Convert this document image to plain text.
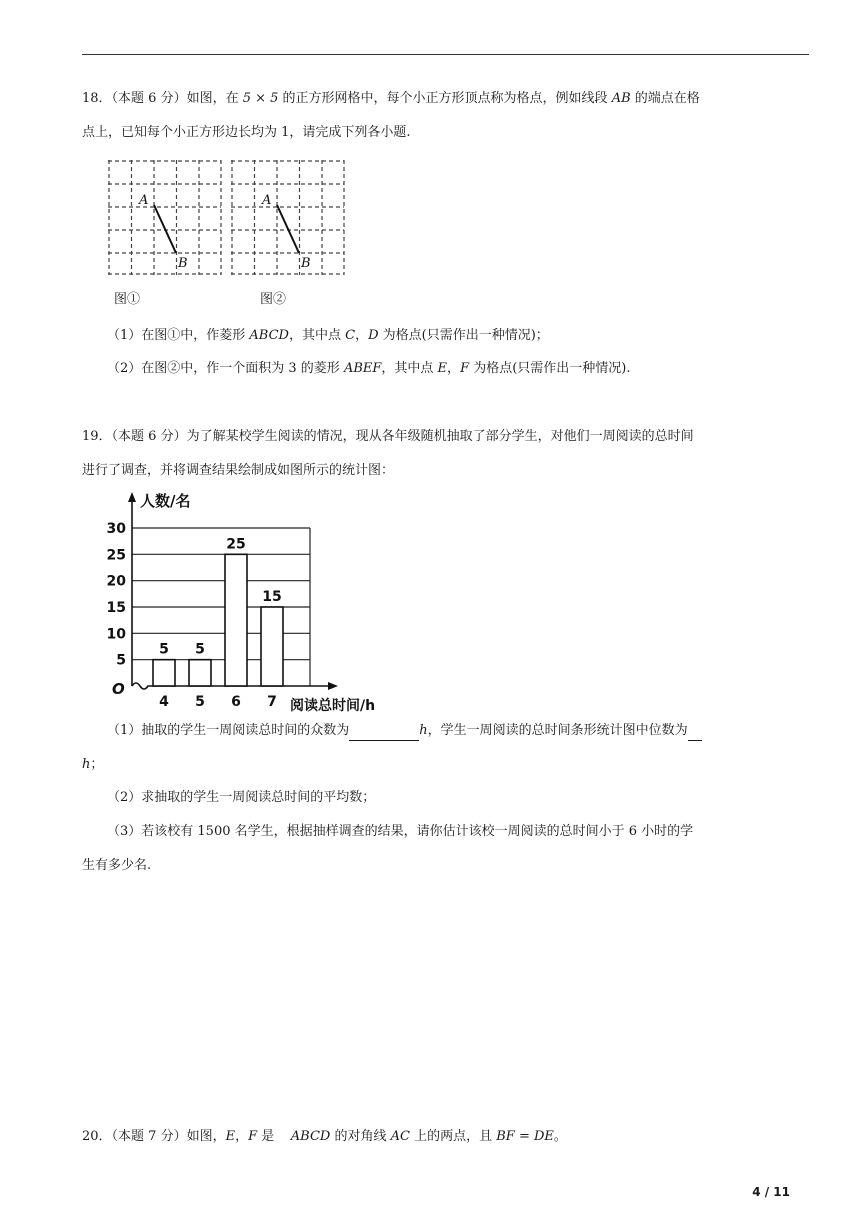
18．（本题 6 分）如图，在 5 × 5 的正方形网格中，每个小正方形顶点称为格点，例如线段 AB 的端点在格
点上，已知每个小正方形边长均为 1，请完成下列各小题.
A
B
A
B
图①	图②
（1）在图①中，作菱形 ABCD，其中点 C，D 为格点(只需作出一种情况)；
（2）在图②中，作一个面积为 3 的菱形 ABEF，其中点 E，F 为格点(只需作出一种情况).
19．（本题 6 分）为了解某校学生阅读的情况，现从各年级随机抽取了部分学生，对他们一周阅读的总时间
进行了调查，并将调查结果绘制成如图所示的统计图：
5
10
15
20
25
30
人数/名
阅读总时间/h
O
5
4
5
5
25
6
15
7
（1）抽取的学生一周阅读总时间的众数为	h，学生一周阅读的总时间条形统计图中位数为
h；
（2）求抽取的学生一周阅读总时间的平均数；
（3）若该校有 1500 名学生，根据抽样调查的结果，请你估计该校一周阅读的总时间小于 6 小时的学
生有多少名.
20．（本题 7 分）如图，E，F 是    ABCD 的对角线 AC 上的两点，且 BF = DE。
4 / 11
